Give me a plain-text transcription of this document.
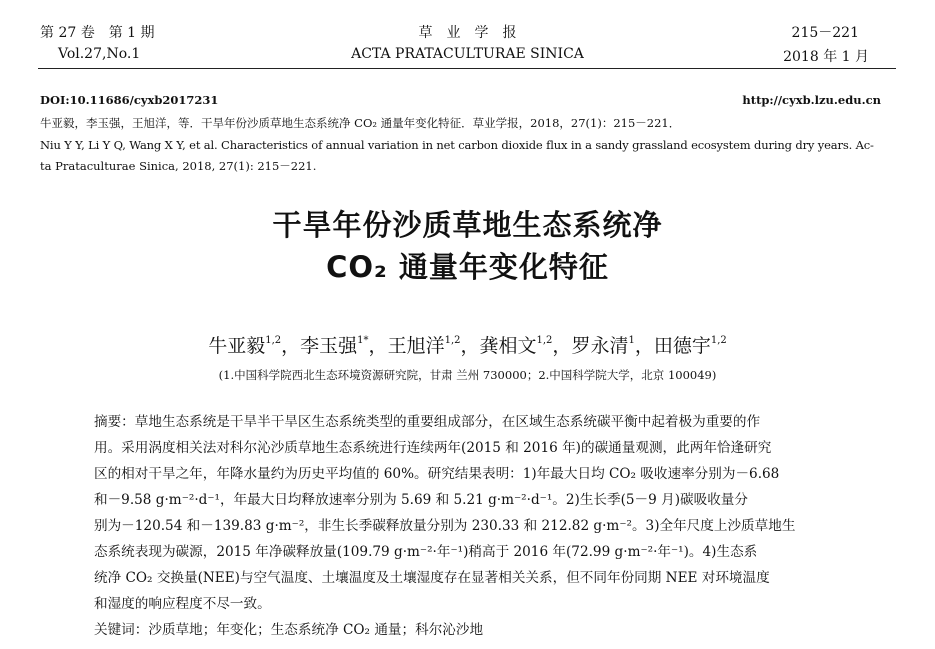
第 27 卷　第 1 期
Vol.27,No.1
草　业　学　报
ACTA PRATACULTURAE SINICA
215－221
2018 年 1 月
DOI:10.11686/cyxb2017231	http://cyxb.lzu.edu.cn
牛亚毅，李玉强，王旭洋，等．干旱年份沙质草地生态系统净 CO₂ 通量年变化特征．草业学报，2018，27(1)：215－221．
Niu Y Y, Li Y Q, Wang X Y, et al. Characteristics of annual variation in net carbon dioxide flux in a sandy grassland ecosystem during dry years. Ac-
ta Prataculturae Sinica, 2018, 27(1): 215－221.
干旱年份沙质草地生态系统净
CO₂ 通量年变化特征
牛亚毅$^{1,2}$，李玉强$^{1*}$，王旭洋$^{1,2}$，龚相文$^{1,2}$，罗永清$^1$，田德宇$^{1,2}$
(1.中国科学院西北生态环境资源研究院，甘肃 兰州 730000；2.中国科学院大学，北京 100049)
摘要：草地生态系统是干旱半干旱区生态系统类型的重要组成部分，在区域生态系统碳平衡中起着极为重要的作
用。采用涡度相关法对科尔沁沙质草地生态系统进行连续两年(2015 和 2016 年)的碳通量观测，此两年恰逢研究
区的相对干旱之年，年降水量约为历史平均值的 60%。研究结果表明：1)年最大日均 CO₂ 吸收速率分别为－6.68
和－9.58 g·m⁻²·d⁻¹，年最大日均释放速率分别为 5.69 和 5.21 g·m⁻²·d⁻¹。2)生长季(5－9 月)碳吸收量分
别为－120.54 和－139.83 g·m⁻²，非生长季碳释放量分别为 230.33 和 212.82 g·m⁻²。3)全年尺度上沙质草地生
态系统表现为碳源，2015 年净碳释放量(109.79 g·m⁻²·年⁻¹)稍高于 2016 年(72.99 g·m⁻²·年⁻¹)。4)生态系
统净 CO₂ 交换量(NEE)与空气温度、土壤温度及土壤湿度存在显著相关关系，但不同年份同期 NEE 对环境温度
和湿度的响应程度不尽一致。
关键词：沙质草地；年变化；生态系统净 CO₂ 通量；科尔沁沙地
